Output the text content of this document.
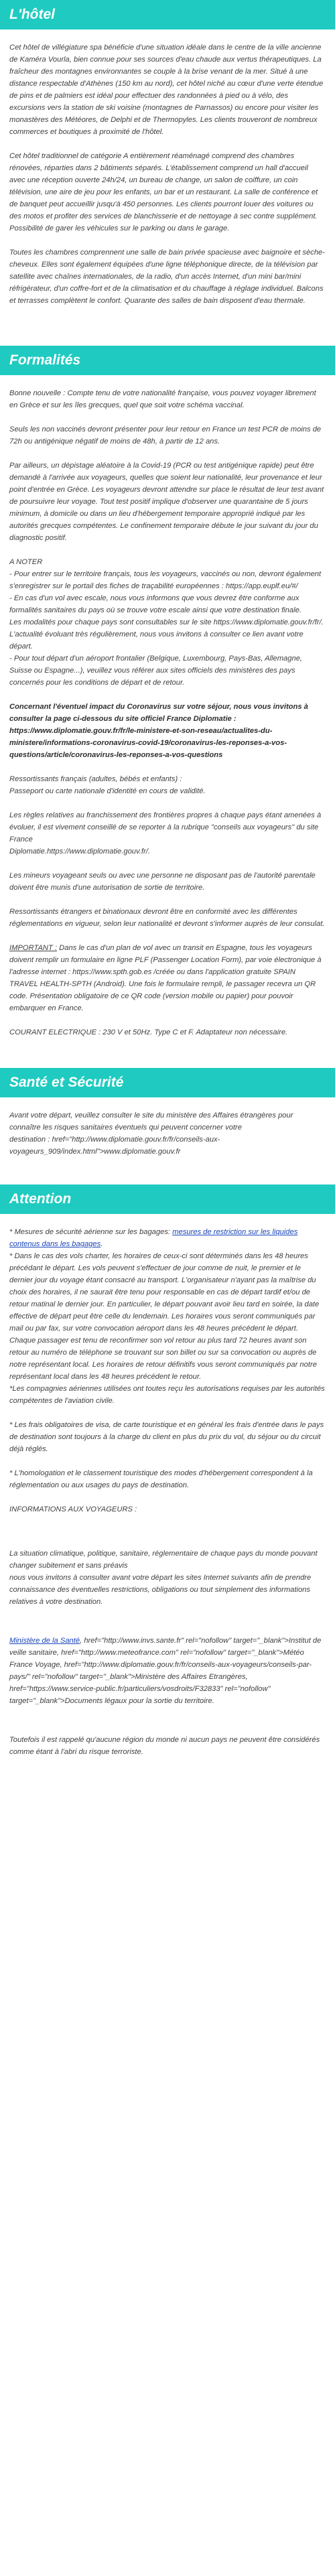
L'hôtel

Cet hôtel de villégiature spa bénéficie d'une situation idéale dans le centre de la ville ancienne de Kaméra Vourla, bien connue pour ses sources d'eau chaude aux vertus thérapeutiques. La fraîcheur des montagnes environnantes se couple à la brise venant de la mer. Situé à une distance respectable d'Athènes (150 km au nord), cet hôtel niché au cœur d'une verte étendue de pins et de palmiers est idéal pour effectuer des randonnées à pied ou à vélo, des excursions vers la station de ski voisine (montagnes de Parnassos) ou encore pour visiter les monastères des Météores, de Delphi et de Thermopyles. Les clients trouveront de nombreux commerces et boutiques à proximité de l'hôtel.

Cet hôtel traditionnel de catégorie A entièrement réaménagé comprend des chambres rénovées, réparties dans 2 bâtiments séparés. L'établissement comprend un hall d'accueil avec une réception ouverte 24h/24, un bureau de change, un salon de coiffure, un coin télévision, une aire de jeu pour les enfants, un bar et un restaurant. La salle de conférence et de banquet peut accueillir jusqu'à 450 personnes. Les clients pourront louer des voitures ou des motos et profiter des services de blanchisserie et de nettoyage à sec contre supplément. Possibilité de garer les véhicules sur le parking ou dans le garage.

Toutes les chambres comprennent une salle de bain privée spacieuse avec baignoire et sèche-cheveux. Elles sont également équipées d'une ligne téléphonique directe, de la télévision par satellite avec chaînes internationales, de la radio, d'un accès Internet, d'un mini bar/mini réfrigérateur, d'un coffre-fort et de la climatisation et du chauffage à réglage individuel. Balcons et terrasses complètent le confort. Quarante des salles de bain disposent d'eau thermale.

Formalités

Bonne nouvelle : Compte tenu de votre nationalité française, vous pouvez voyager librement en Grèce et sur les îles grecques, quel que soit votre schéma vaccinal.

Seuls les non vaccinés devront présenter pour leur retour en France un test PCR de moins de 72h ou antigénique négatif de moins de 48h, à partir de 12 ans.

Par ailleurs, un dépistage aléatoire à la Covid-19 (PCR ou test antigénique rapide) peut être demandé à l'arrivée aux voyageurs, quelles que soient leur nationalité, leur provenance et leur point d'entrée en Grèce. Les voyageurs devront attendre sur place le résultat de leur test avant de poursuivre leur voyage. Tout test positif implique d'observer une quarantaine de 5 jours minimum, à domicile ou dans un lieu d'hébergement temporaire approprié indiqué par les autorités grecques compétentes. Le confinement temporaire débute le jour suivant du jour du diagnostic positif.

A NOTER
- Pour entrer sur le territoire français, tous les voyageurs, vaccinés ou non, devront également s'enregistrer sur le portail des fiches de traçabilité européennes : https://app.euplf.eu/#/
- En cas d'un vol avec escale, nous vous informons que vous devrez être conforme aux formalités sanitaires du pays où se trouve votre escale ainsi que votre destination finale.
Les modalités pour chaque pays sont consultables sur le site https://www.diplomatie.gouv.fr/fr/. L'actualité évoluant très régulièrement, nous vous invitons à consulter ce lien avant votre départ.
- Pour tout départ d'un aéroport frontalier (Belgique, Luxembourg, Pays-Bas, Allemagne, Suisse ou Espagne...), veuillez vous référer aux sites officiels des ministères des pays concernés pour les conditions de départ et de retour.

Concernant l'éventuel impact du Coronavirus sur votre séjour, nous vous invitons à consulter la page ci-dessous du site officiel France Diplomatie : https://www.diplomatie.gouv.fr/fr/le-ministere-et-son-reseau/actualites-du-ministere/informations-coronavirus-covid-19/coronavirus-les-reponses-a-vos-questions/article/coronavirus-les-reponses-a-vos-questions

Ressortissants français (adultes, bébés et enfants) :
Passeport ou carte nationale d'identité en cours de validité.

Les règles relatives au franchissement des frontières propres à chaque pays étant amenées à évoluer, il est vivement conseillé de se reporter à la rubrique "conseils aux voyageurs" du site France
Diplomatie.https://www.diplomatie.gouv.fr/.

Les mineurs voyageant seuls ou avec une personne ne disposant pas de l'autorité parentale doivent être munis d'une autorisation de sortie de territoire.

Ressortissants étrangers et binationaux devront être en conformité avec les différentes réglementations en vigueur, selon leur nationalité et devront s'informer auprès de leur consulat.

IMPORTANT : Dans le cas d'un plan de vol avec un transit en Espagne, tous les voyageurs doivent remplir un formulaire en ligne PLF (Passenger Location Form), par voie électronique à l'adresse internet : https://www.spth.gob.es /créée ou dans l'application gratuite SPAIN TRAVEL HEALTH-SPTH (Android). Une fois le formulaire rempli, le passager recevra un QR code. Présentation obligatoire de ce QR code (version mobile ou papier) pour pouvoir embarquer en France.

COURANT ELECTRIQUE : 230 V et 50Hz. Type C et F. Adaptateur non nécessaire.

Santé et Sécurité

Avant votre départ, veuillez consulter le site du ministère des Affaires étrangères pour connaître les risques sanitaires éventuels qui peuvent concerner votre
destination : href="http://www.diplomatie.gouv.fr/fr/conseils-aux-voyageurs_909/index.html">www.diplomatie.gouv.fr

Attention

* Mesures de sécurité aérienne sur les bagages: mesures de restriction sur les liquides contenus dans les bagages.
* Dans le cas des vols charter, les horaires de ceux-ci sont déterminés dans les 48 heures précédant le départ. Les vols peuvent s'effectuer de jour comme de nuit, le premier et le dernier jour du voyage étant consacré au transport. L'organisateur n'ayant pas la maîtrise du choix des horaires, il ne saurait être tenu pour responsable en cas de départ tardif et/ou de retour matinal le dernier jour. En particulier, le départ pouvant avoir lieu tard en soirée, la date effective de départ peut être celle du lendemain. Les horaires vous seront communiqués par mail ou par fax, sur votre convocation aéroport dans les 48 heures précédent le départ. Chaque passager est tenu de reconfirmer son vol retour au plus tard 72 heures avant son retour au numéro de téléphone se trouvant sur son billet ou sur sa convocation ou auprès de notre représentant local. Les horaires de retour définitifs vous seront communiqués par notre représentant local dans les 48 heures précédent le retour.
*Les compagnies aériennes utilisées ont toutes reçu les autorisations requises par les autorités compétentes de l'aviation civile.

* Les frais obligatoires de visa, de carte touristique et en général les frais d'entrée dans le pays de destination sont toujours à la charge du client en plus du prix du vol, du séjour ou du circuit déjà réglés.

* L'homologation et le classement touristique des modes d'hébergement correspondent à la réglementation ou aux usages du pays de destination.

INFORMATIONS AUX VOYAGEURS :

La situation climatique, politique, sanitaire, réglementaire de chaque pays du monde pouvant changer subitement et sans préavis
nous vous invitons à consulter avant votre départ les sites Internet suivants afin de prendre connaissance des éventuelles restrictions, obligations ou tout simplement des informations relatives à votre destination.

Ministère de la Santé, href="http://www.invs.sante.fr" rel="nofollow" target="_blank">Institut de veille sanitaire, href="http://www.meteofrance.com" rel="nofollow" target="_blank">Météo France Voyage, href="http://www.diplomatie.gouv.fr/fr/conseils-aux-voyageurs/conseils-par-pays/" rel="nofollow" target="_blank">Ministère des Affaires Etrangères, href="https://www.service-public.fr/particuliers/vosdroits/F32833" rel="nofollow" target="_blank">Documents légaux pour la sortie du territoire.

Toutefois il est rappelé qu'aucune région du monde ni aucun pays ne peuvent être considérés comme étant à l'abri du risque terroriste.
